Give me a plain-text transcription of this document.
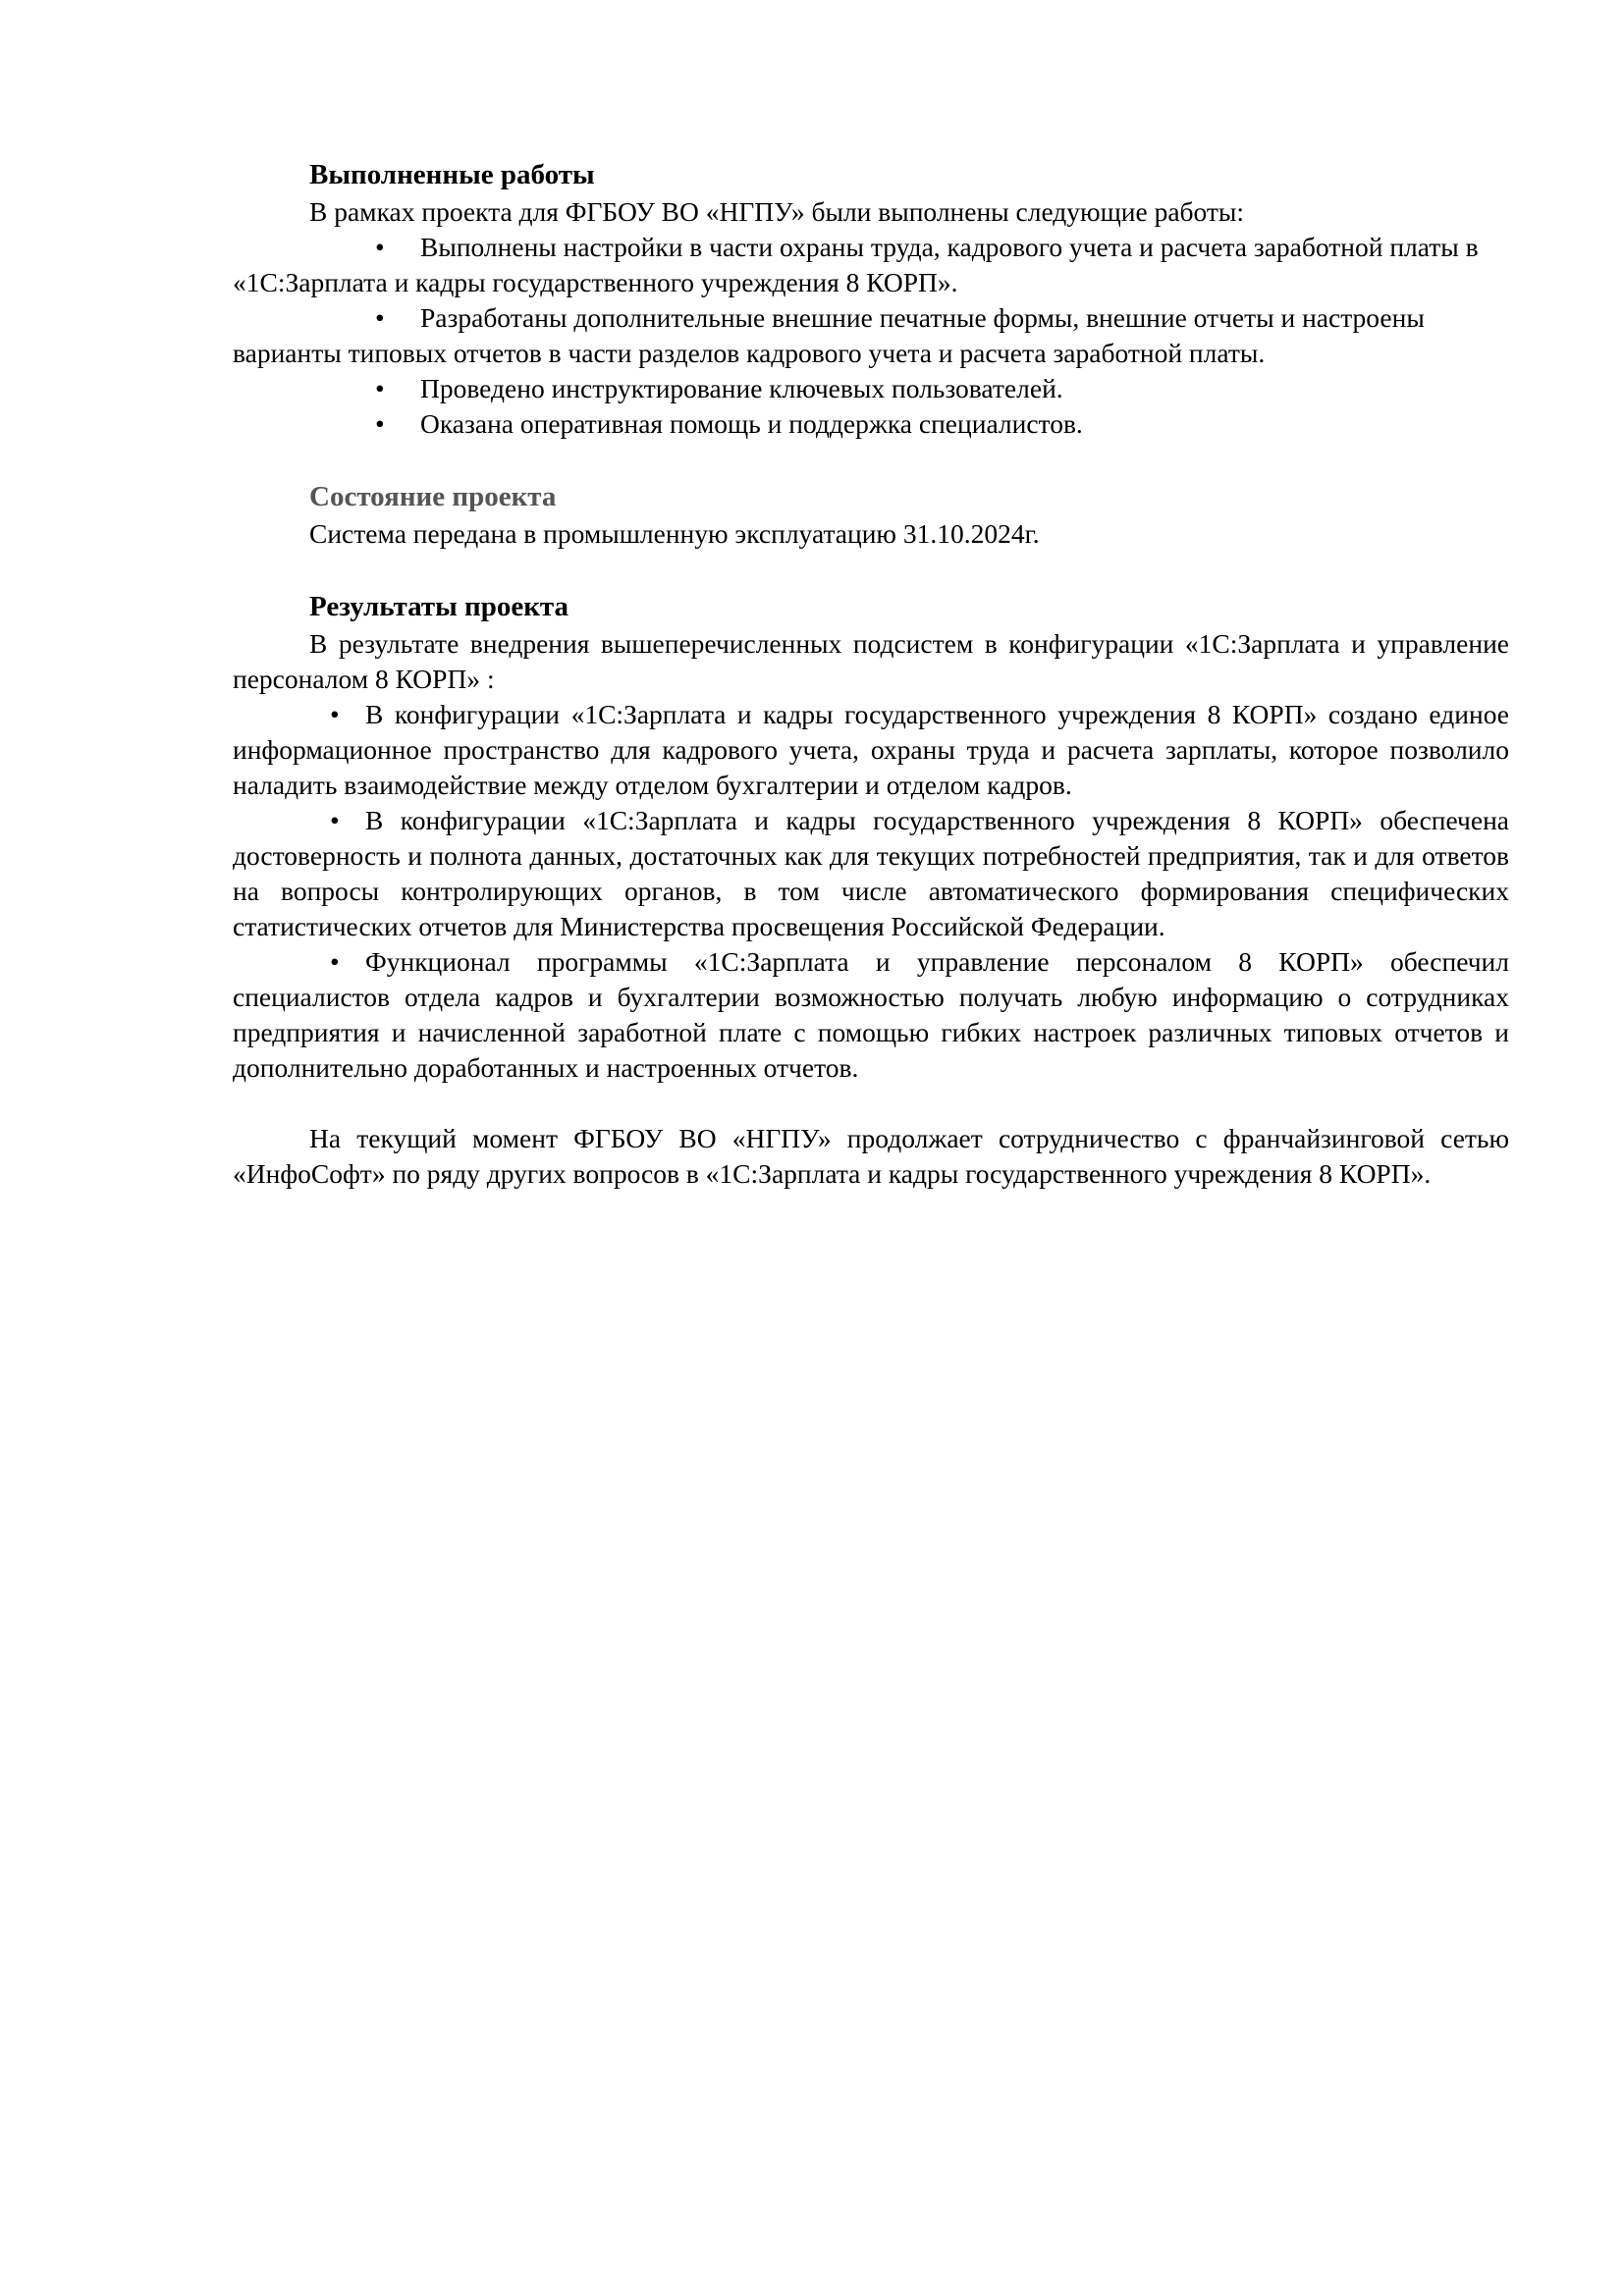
Выполненные работы

В рамках проекта для ФГБОУ ВО «НГПУ» были выполнены следующие работы:

• Выполнены настройки в части охраны труда, кадрового учета и расчета заработной платы в «1С:Зарплата и кадры государственного учреждения 8 КОРП».
• Разработаны дополнительные внешние печатные формы, внешние отчеты и настроены варианты типовых отчетов в части разделов кадрового учета и расчета заработной платы.
• Проведено инструктирование ключевых пользователей.
• Оказана оперативная помощь и поддержка специалистов.
Состояние проекта

Система передана в промышленную эксплуатацию 31.10.2024г.

Результаты проекта

В результате внедрения вышеперечисленных подсистем в конфигурации «1С:Зарплата и управление персоналом 8 КОРП» :

• В конфигурации «1С:Зарплата и кадры государственного учреждения 8 КОРП» создано единое информационное пространство для кадрового учета, охраны труда и расчета зарплаты, которое позволило наладить взаимодействие между отделом бухгалтерии и отделом кадров.
• В конфигурации «1С:Зарплата и кадры государственного учреждения 8 КОРП» обеспечена достоверность и полнота данных, достаточных как для текущих потребностей предприятия, так и для ответов на вопросы контролирующих органов, в том числе автоматического формирования специфических статистических отчетов для Министерства просвещения Российской Федерации.
• Функционал программы «1С:Зарплата и управление персоналом 8 КОРП» обеспечил специалистов отдела кадров и бухгалтерии возможностью получать любую информацию о сотрудниках предприятия и начисленной заработной плате с помощью гибких настроек различных типовых отчетов и дополнительно доработанных и настроенных отчетов.

На текущий момент ФГБОУ ВО «НГПУ» продолжает сотрудничество с франчайзинговой сетью «ИнфоСофт» по ряду других вопросов в «1С:Зарплата и кадры государственного учреждения 8 КОРП».
